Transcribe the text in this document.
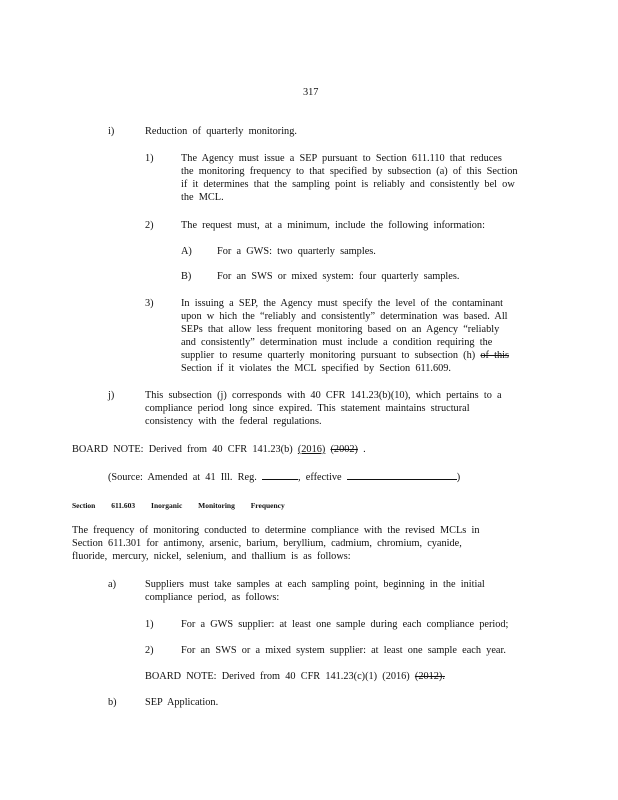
317
i)	Reduction of quarterly monitoring.
1)	The Agency must issue a SEP pursuant to Section 611.110 that reduces
the monitoring frequency to that specified by subsection (a) of this Section
if it determines that the sampling point is reliably and consistently bel ow
the MCL.
2)	The request must, at a minimum, include the following information:
A) For a GWS: two quarterly samples.
B) For an SWS or mixed system: four quarterly samples.
3)	In issuing a SEP, the Agency must specify the level of the contaminant
upon w hich the “reliably and consistently” determination was based. All
SEPs that allow less frequent monitoring based on an Agency “reliably
and consistently” determination must include a condition requiring the
supplier to resume quarterly monitoring pursuant to subsection (h) of this
Section if it violates the MCL specified by Section 611.609.
j)	This subsection (j) corresponds with 40 CFR 141.23(b)(10), which pertains to a
compliance period long since expired. This statement maintains structural
consistency with the federal regulations.
BOARD NOTE: Derived from 40 CFR 141.23(b) (2016) (2002) .
(Source: Amended at 41 Ill. Reg.	, effective	)
Section 611.603 Inorganic Monitoring Frequency
The frequency of monitoring conducted to determine compliance with the revised MCLs in
Section 611.301 for antimony, arsenic, barium, beryllium, cadmium, chromium, cyanide,
fluoride, mercury, nickel, selenium, and thallium is as follows:
a)	Suppliers must take samples at each sampling point, beginning in the initial
compliance period, as follows:
1)	For a GWS supplier: at least one sample during each compliance period;
2)	For an SWS or a mixed system supplier: at least one sample each year.
BOARD NOTE: Derived from 40 CFR 141.23(c)(1) (2016) (2012).
b)	SEP Application.
